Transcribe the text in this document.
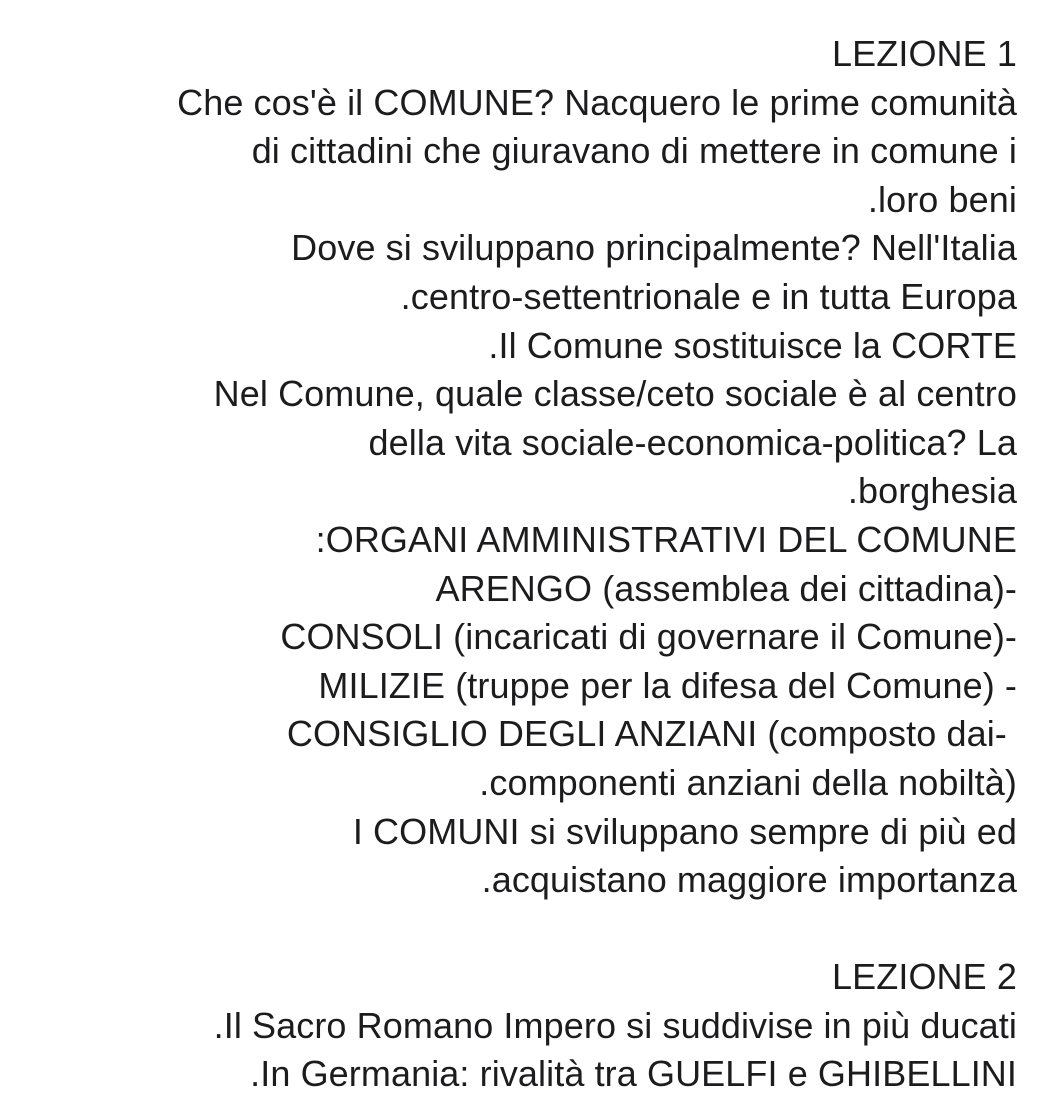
LEZIONE 1
Che cos'è il COMUNE? Nacquero le prime comunità
di cittadini che giuravano di mettere in comune i
.loro beni
Dove si sviluppano principalmente? Nell'Italia
.centro-settentrionale e in tutta Europa
.Il Comune sostituisce la CORTE
Nel Comune, quale classe/ceto sociale è al centro
della vita sociale-economica-politica? La
.borghesia
:ORGANI AMMINISTRATIVI DEL COMUNE
ARENGO (assemblea dei cittadina)-
CONSOLI (incaricati di governare il Comune)-
MILIZIE (truppe per la difesa del Comune) -
CONSIGLIO DEGLI ANZIANI (composto dai-
.componenti anziani della nobiltà)
I COMUNI si sviluppano sempre di più ed
.acquistano maggiore importanza
LEZIONE 2
.Il Sacro Romano Impero si suddivise in più ducati
.In Germania: rivalità tra GUELFI e GHIBELLINI
